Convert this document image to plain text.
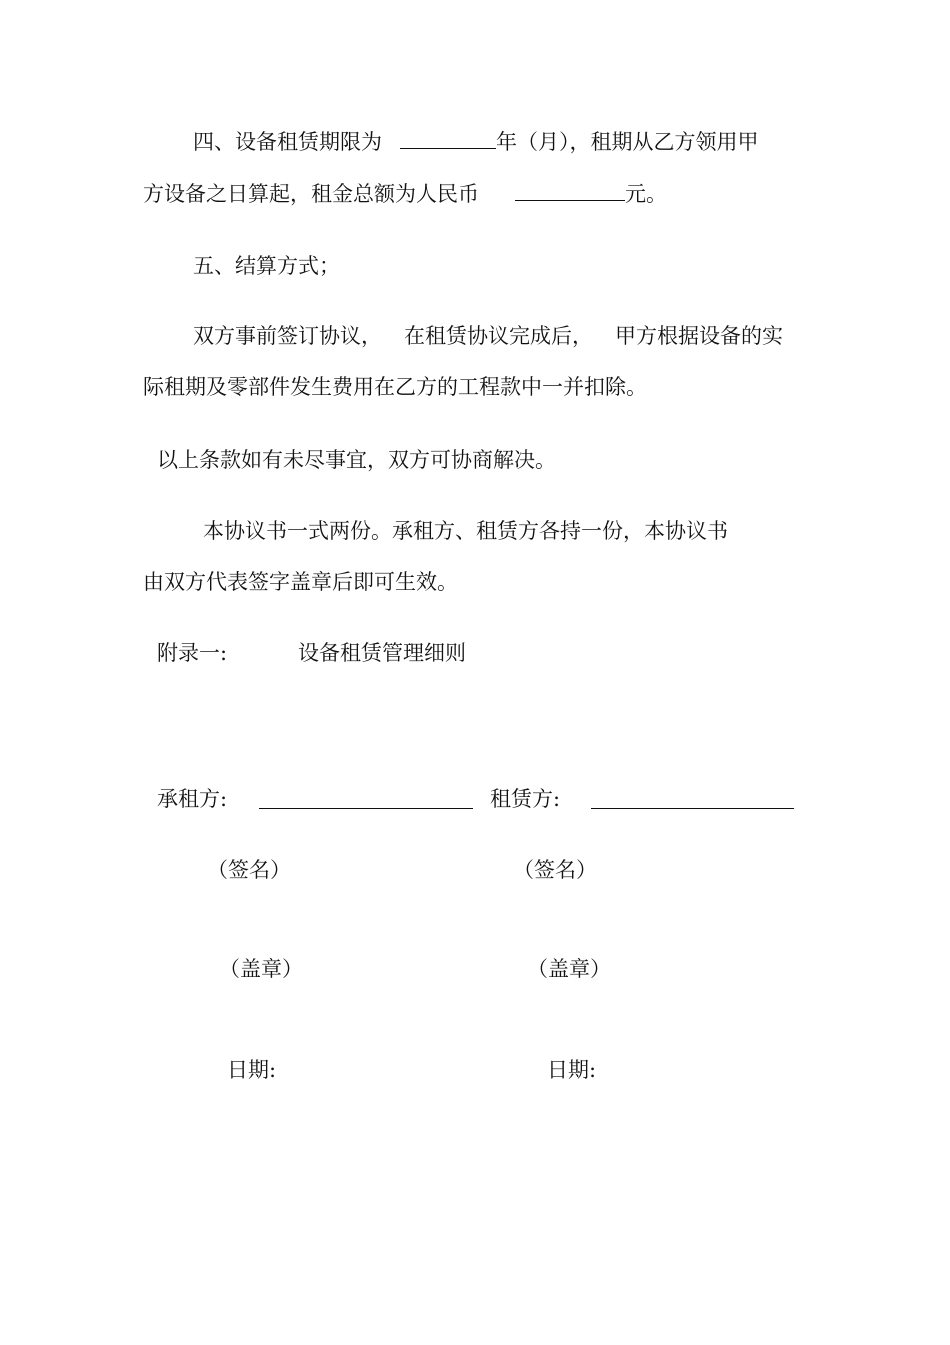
四、设备租赁期限为	年（月），租期从乙方领用甲
方设备之日算起，租金总额为人民币	元。
五、结算方式；
双方事前签订协议， 在租赁协议完成后， 甲方根据设备的实
际租期及零部件发生费用在乙方的工程款中一并扣除。
以上条款如有未尽事宜，双方可协商解决。
本协议书一式两份。承租方、租赁方各持一份，本协议书
由双方代表签字盖章后即可生效。
附录一:	设备租赁管理细则
承租方:	租赁方:
（签名）	（签名）
（盖章）	（盖章）
日期:	日期:
